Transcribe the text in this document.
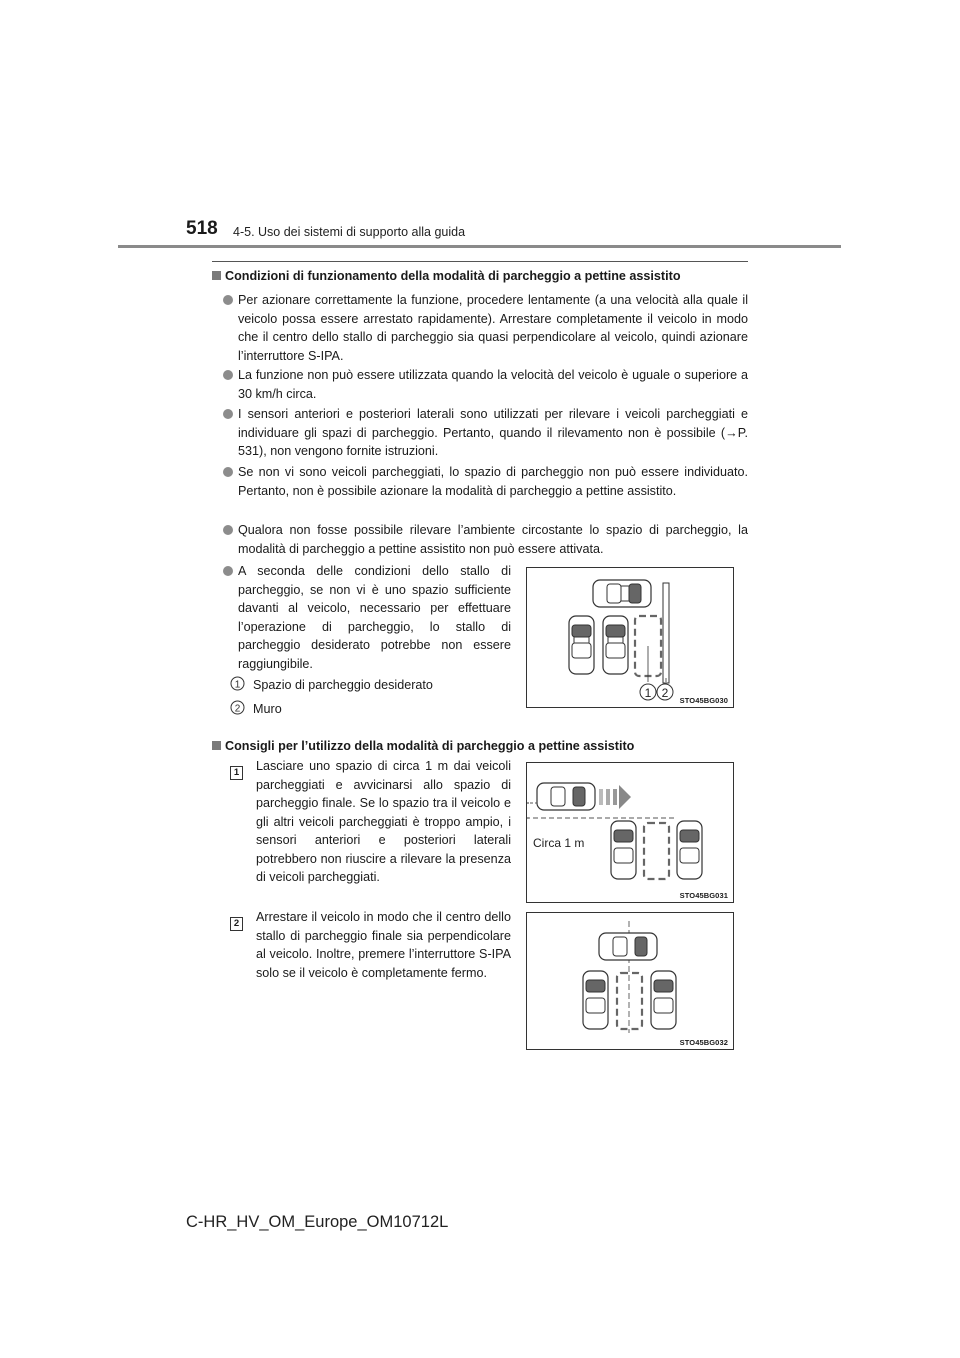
518 4-5. Uso dei sistemi di supporto alla guida
Condizioni di funzionamento della modalità di parcheggio a pettine assistito
Per azionare correttamente la funzione, procedere lentamente (a una velocità alla quale il veicolo possa essere arrestato rapidamente). Arrestare completamente il veicolo in modo che il centro dello stallo di parcheggio sia quasi perpendicolare al veicolo, quindi azionare l’interruttore S-IPA.
La funzione non può essere utilizzata quando la velocità del veicolo è uguale o superiore a 30 km/h circa.
I sensori anteriori e posteriori laterali sono utilizzati per rilevare i veicoli parcheggiati e individuare gli spazi di parcheggio. Pertanto, quando il rilevamento non è possibile (→P. 531), non vengono fornite istruzioni.
Se non vi sono veicoli parcheggiati, lo spazio di parcheggio non può essere individuato. Pertanto, non è possibile azionare la modalità di parcheggio a pettine assistito.
Qualora non fosse possibile rilevare l’ambiente circostante lo spazio di parcheggio, la modalità di parcheggio a pettine assistito non può essere attivata.
A seconda delle condizioni dello stallo di parcheggio, se non vi è uno spazio sufficiente davanti al veicolo, necessario per effettuare l’operazione di parcheggio, lo stallo di parcheggio desiderato potrebbe non essere raggiungibile.
1 Spazio di parcheggio desiderato
2 Muro
1 2
STO45BG030
Consigli per l’utilizzo della modalità di parcheggio a pettine assistito
1	Lasciare uno spazio di circa 1 m dai veicoli parcheggiati e avvicinarsi allo spazio di parcheggio finale. Se lo spazio tra il veicolo e gli altri veicoli parcheggiati è troppo ampio, i sensori anteriori e posteriori laterali potrebbero non riuscire a rilevare la presenza di veicoli parcheggiati.
Circa 1 m
STO45BG031
2	Arrestare il veicolo in modo che il centro dello stallo di parcheggio finale sia perpendicolare al veicolo. Inoltre, premere l’interruttore S-IPA solo se il veicolo è completamente fermo.
STO45BG032
C-HR_HV_OM_Europe_OM10712L
